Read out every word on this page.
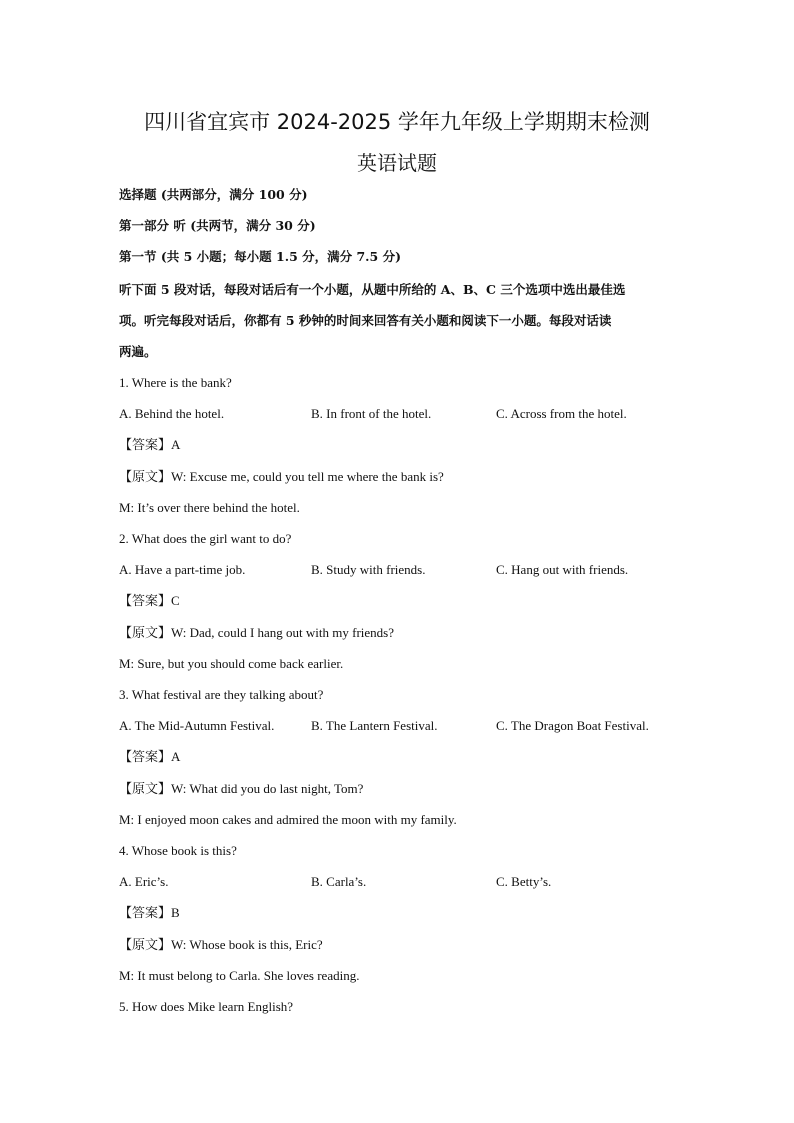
四川省宜宾市 2024-2025 学年九年级上学期期末检测
英语试题
选择题 (共两部分，满分 100 分)
第一部分 听 (共两节，满分 30 分)
第一节 (共 5 小题；每小题 1.5 分，满分 7.5 分)
听下面 5 段对话，每段对话后有一个小题，从题中所给的 A、B、C 三个选项中选出最佳选
项。听完每段对话后，你都有 5 秒钟的时间来回答有关小题和阅读下一小题。每段对话读
两遍。
1. Where is the bank?
A. Behind the hotel.	B. In front of the hotel.	C. Across from the hotel.
【答案】A
【原文】W: Excuse me, could you tell me where the bank is?
M: It’s over there behind the hotel.
2. What does the girl want to do?
A. Have a part-time job.	B. Study with friends.	C. Hang out with friends.
【答案】C
【原文】W: Dad, could I hang out with my friends?
M: Sure, but you should come back earlier.
3. What festival are they talking about?
A. The Mid-Autumn Festival.	B. The Lantern Festival.	C. The Dragon Boat Festival.
【答案】A
【原文】W: What did you do last night, Tom?
M: I enjoyed moon cakes and admired the moon with my family.
4. Whose book is this?
A. Eric’s.	B. Carla’s.	C. Betty’s.
【答案】B
【原文】W: Whose book is this, Eric?
M: It must belong to Carla. She loves reading.
5. How does Mike learn English?
